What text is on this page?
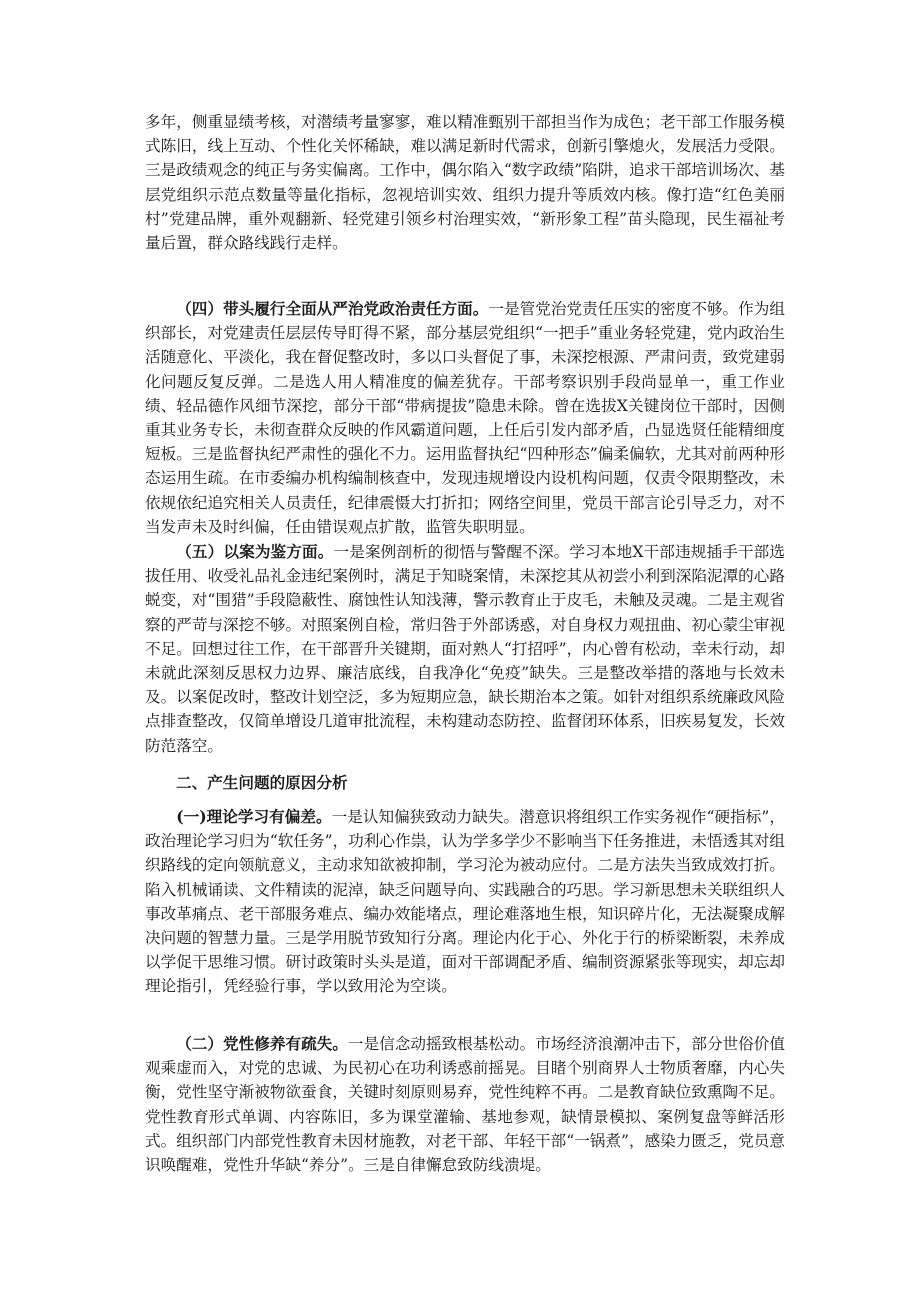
多年，侧重显绩考核，对潜绩考量寥寥，难以精准甄别干部担当作为成色；老干部工作服务模式陈旧，线上互动、个性化关怀稀缺，难以满足新时代需求，创新引擎熄火，发展活力受限。三是政绩观念的纯正与务实偏离。工作中，偶尔陷入“数字政绩”陷阱，追求干部培训场次、基层党组织示范点数量等量化指标，忽视培训实效、组织力提升等质效内核。像打造“红色美丽村”党建品牌，重外观翻新、轻党建引领乡村治理实效，“新形象工程”苗头隐现，民生福祉考量后置，群众路线践行走样。

（四）带头履行全面从严治党政治责任方面。一是管党治党责任压实的密度不够。作为组织部长，对党建责任层层传导盯得不紧，部分基层党组织“一把手”重业务轻党建，党内政治生活随意化、平淡化，我在督促整改时，多以口头督促了事，未深挖根源、严肃问责，致党建弱化问题反复反弹。二是选人用人精准度的偏差犹存。干部考察识别手段尚显单一，重工作业绩、轻品德作风细节深挖，部分干部“带病提拔”隐患未除。曾在选拔X关键岗位干部时，因侧重其业务专长，未彻查群众反映的作风霸道问题，上任后引发内部矛盾，凸显选贤任能精细度短板。三是监督执纪严肃性的强化不力。运用监督执纪“四种形态”偏柔偏软，尤其对前两种形态运用生疏。在市委编办机构编制核查中，发现违规增设内设机构问题，仅责令限期整改，未依规依纪追究相关人员责任，纪律震慑大打折扣；网络空间里，党员干部言论引导乏力，对不当发声未及时纠偏，任由错误观点扩散，监管失职明显。

（五）以案为鉴方面。一是案例剖析的彻悟与警醒不深。学习本地X干部违规插手干部选拔任用、收受礼品礼金违纪案例时，满足于知晓案情，未深挖其从初尝小利到深陷泥潭的心路蜕变，对“围猎”手段隐蔽性、腐蚀性认知浅薄，警示教育止于皮毛，未触及灵魂。二是主观省察的严苛与深挖不够。对照案例自检，常归咎于外部诱惑，对自身权力观扭曲、初心蒙尘审视不足。回想过往工作，在干部晋升关键期，面对熟人“打招呼”，内心曾有松动，幸未行动，却未就此深刻反思权力边界、廉洁底线，自我净化“免疫”缺失。三是整改举措的落地与长效未及。以案促改时，整改计划空泛，多为短期应急，缺长期治本之策。如针对组织系统廉政风险点排查整改，仅简单增设几道审批流程，未构建动态防控、监督闭环体系，旧疾易复发，长效防范落空。

二、产生问题的原因分析

(一)理论学习有偏差。一是认知偏狭致动力缺失。潜意识将组织工作实务视作“硬指标”，政治理论学习归为“软任务”，功利心作祟，认为学多学少不影响当下任务推进，未悟透其对组织路线的定向领航意义，主动求知欲被抑制，学习沦为被动应付。二是方法失当致成效打折。陷入机械诵读、文件精读的泥淖，缺乏问题导向、实践融合的巧思。学习新思想未关联组织人事改革痛点、老干部服务难点、编办效能堵点，理论难落地生根，知识碎片化，无法凝聚成解决问题的智慧力量。三是学用脱节致知行分离。理论内化于心、外化于行的桥梁断裂，未养成以学促干思维习惯。研讨政策时头头是道，面对干部调配矛盾、编制资源紧张等现实，却忘却理论指引，凭经验行事，学以致用沦为空谈。

（二）党性修养有疏失。一是信念动摇致根基松动。市场经济浪潮冲击下，部分世俗价值观乘虚而入，对党的忠诚、为民初心在功利诱惑前摇晃。目睹个别商界人士物质奢靡，内心失衡，党性坚守渐被物欲蚕食，关键时刻原则易弃，党性纯粹不再。二是教育缺位致熏陶不足。党性教育形式单调、内容陈旧，多为课堂灌输、基地参观，缺情景模拟、案例复盘等鲜活形式。组织部门内部党性教育未因材施教，对老干部、年轻干部“一锅煮”，感染力匮乏，党员意识唤醒难，党性升华缺“养分”。三是自律懈怠致防线溃堤。
